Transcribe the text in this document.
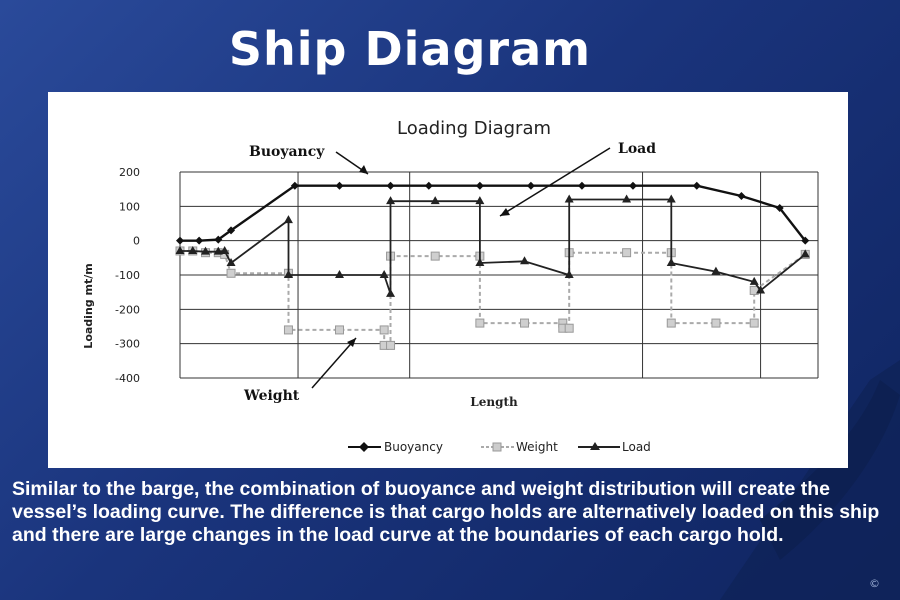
Ship Diagram
Loading Diagram
Loading mt/m
Length
200
100
0
-100
-200
-300
-400
Buoyancy	Load
Weight
Buoyancy	Weight	Load
Similar to the barge, the combination of buoyance and weight distribution will create the vessel’s loading curve. The difference is that cargo holds are alternatively loaded on this ship and there are large changes in the load curve at the boundaries of each cargo hold.
©
